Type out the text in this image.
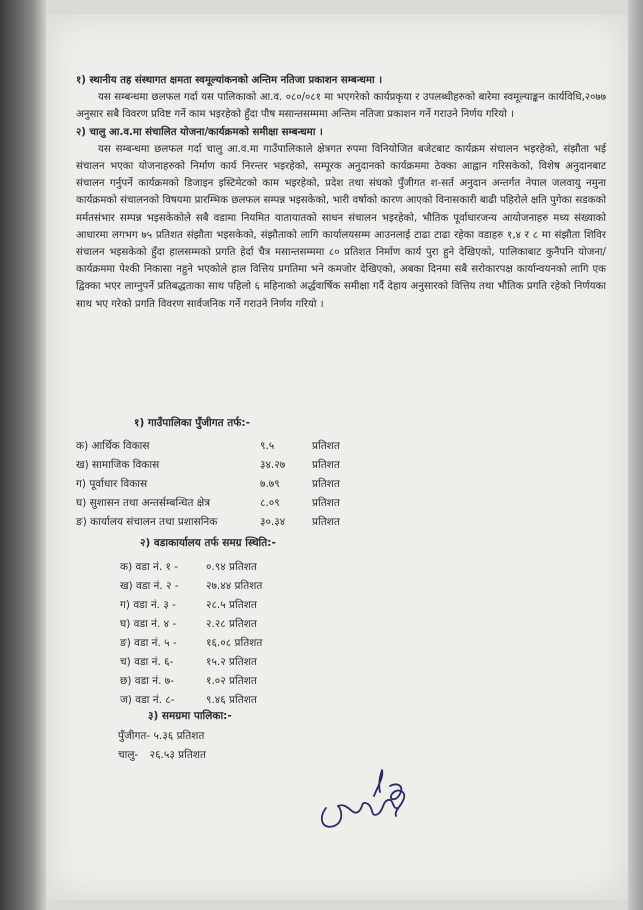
१) स्थानीय तह संस्थागत क्षमता स्वमूल्यांकनको अन्तिम नतिजा प्रकाशन सम्बन्धमा ।

यस सम्बन्धमा छलफल गर्दा यस पालिकाको आ.व. ०८०/०८१ मा भएगरेको कार्यप्रकृया र उपलब्धीहरुको बारेमा स्वमूल्याङ्कन कार्यविधि,२०७७ अनुसार सबै विवरण प्रविष्ट गर्ने काम भइरहेको हुँदा पौष मसान्तसम्ममा अन्तिम नतिजा प्रकाशन गर्ने गराउने निर्णय गरियो ।

२) चालु आ.व.मा संचालित योजना/कार्यक्रमको समीक्षा सम्बन्धमा ।

यस सम्बन्धमा छलफल गर्दा चालु आ.व.मा गाउँपालिकाले क्षेत्रगत रुपमा विनियोजित बजेटबाट कार्यक्रम संचालन भइरहेको, संझौता भई संचालन भएका योजनाहरुको निर्माण कार्य निरन्तर भइरहेको, सम्पूरक अनुदानको कार्यक्रममा ठेक्का आह्वान गरिसकेको, विशेष अनुदानबाट संचालन गर्नुपर्ने कार्यक्रमको डिजाइन इस्टिमेटको काम भइरहेको, प्रदेश तथा संघको पुँजीगत श-सर्त अनुदान अन्तर्गत नेपाल जलवायु नमुना कार्यक्रमको संचालनको विषयमा प्रारम्भिक छलफल सम्पन्न भइसकेको, भारी वर्षाको कारण आएको विनासकारी बाढी पहिरोले क्षति पुगेका सडकको मर्मतसंभार सम्पन्न भइसकेकोले सबै वडामा नियमित यातायातको साधन संचालन भइरहेको, भौतिक पूर्वाधारजन्य आयोजनाहरु मध्य संख्याको आधारमा लगभग ७५ प्रतिशत संझौता भइसकेको, संझौताको लागि कार्यालयसम्म आउनलाई टाढा टाढा रहेका वडाहरु १,४ र ८ मा संझौता शिविर संचालन भइसकेको हुँदा हालसम्मको प्रगति हेर्दा चैत्र मसान्तसम्ममा ८० प्रतिशत निर्माण कार्य पुरा हुने देखिएको, पालिकाबाट कुनैपनि योजना/कार्यक्रममा पेश्की निकासा नहुने भएकोले हाल वित्तिय प्रगतिमा भने कमजोर देखिएको, अबका दिनमा सबै सरोकारपक्ष कार्यान्वयनको लागि एक द्विक्का भएर लाग्नुपर्ने प्रतिबद्धताका साथ पहिलो ६ महिनाको अर्द्धवार्षिक समीक्षा गर्दै देहाय अनुसारको वित्तिय तथा भौतिक प्रगति रहेको निर्णयका साथ भए गरेको प्रगति विवरण सार्वजनिक गर्ने गराउने निर्णय गरियो ।

१) गाउँपालिका पुँजीगत तर्फ:-
क) आर्थिक विकास	९.५	प्रतिशत
ख) सामाजिक विकास	३४.२७	प्रतिशत
ग) पूर्वाधार विकास	७.७९	प्रतिशत
घ) सुशासन तथा अन्तर्सम्बन्धित क्षेत्र	८.०९	प्रतिशत
ङ) कार्यालय संचालन तथा प्रशासनिक	३०.३४	प्रतिशत
२) वडाकार्यालय तर्फ समग्र स्थिति:-
क) वडा नं. १ -	०.९४ प्रतिशत
ख) वडा नं. २ -	२७.४४ प्रतिशत
ग) वडा नं. ३ -	२८.५ प्रतिशत
घ) वडा नं. ४ -	२.२८ प्रतिशत
ङ) वडा नं. ५ -	१६.०८ प्रतिशत
च) वडा नं. ६-	१५.२ प्रतिशत
छ) वडा नं. ७-	१.०२ प्रतिशत
ज) वडा नं. ८-	९.४६ प्रतिशत
३) समग्रमा पालिका:-
पुँजीगत- ५.३६ प्रतिशत
चालु- २६.५३ प्रतिशत
